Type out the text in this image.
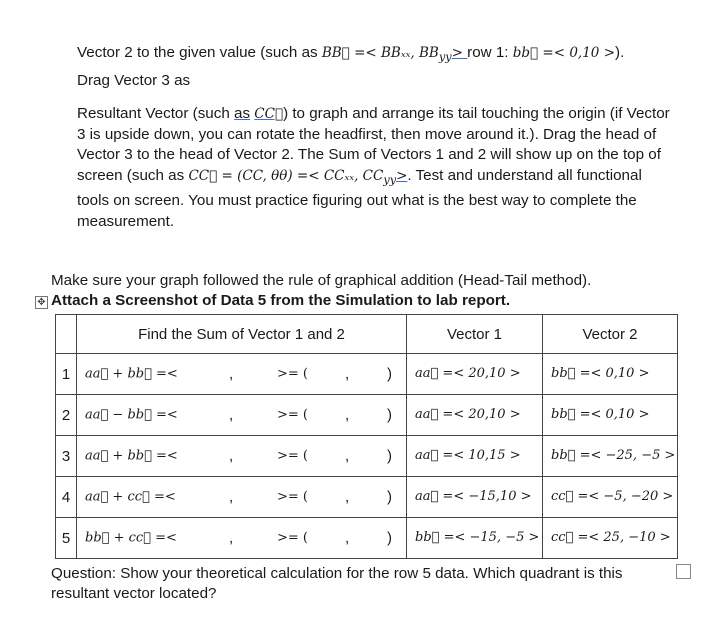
Vector 2 to the given value (such as BB⃗ =< BBₓₓ, $BB_{yy}>$ row 1: bb⃗ =< 0,10 >).
Drag Vector 3 as
Resultant Vector (such as CC⃗) to graph and arrange its tail touching the origin (if Vector 3 is upside down, you can rotate the headfirst, then move around it.). Drag the head of Vector 3 to the head of Vector 2. The Sum of Vectors 1 and 2 will show up on the top of screen (such as CC⃗ = (CC, θθ) =< CCₓₓ, $CC_{yy}>$. Test and understand all functional tools on screen. You must practice figuring out what is the best way to complete the measurement.
Make sure your graph followed the rule of graphical addition (Head-Tail method).
✥ Attach a Screenshot of Data 5 from the Simulation to lab report.
	Find the Sum of Vector 1 and 2	Vector 1	Vector 2
1	aa⃗ + bb⃗ =< , >= ( , )	aa⃗ =< 20,10 >	bb⃗ =< 0,10 >
2	aa⃗ − bb⃗ =< , >= ( , )	aa⃗ =< 20,10 >	bb⃗ =< 0,10 >
3	aa⃗ + bb⃗ =< , >= ( , )	aa⃗ =< 10,15 >	bb⃗ =< −25, −5 >
4	aa⃗ + cc⃗ =< , >= ( , )	aa⃗ =< −15,10 >	cc⃗ =< −5, −20 >
5	bb⃗ + cc⃗ =< , >= ( , )	bb⃗ =< −15, −5 >	cc⃗ =< 25, −10 >
Question: Show your theoretical calculation for the row 5 data. Which quadrant is this resultant vector located?
